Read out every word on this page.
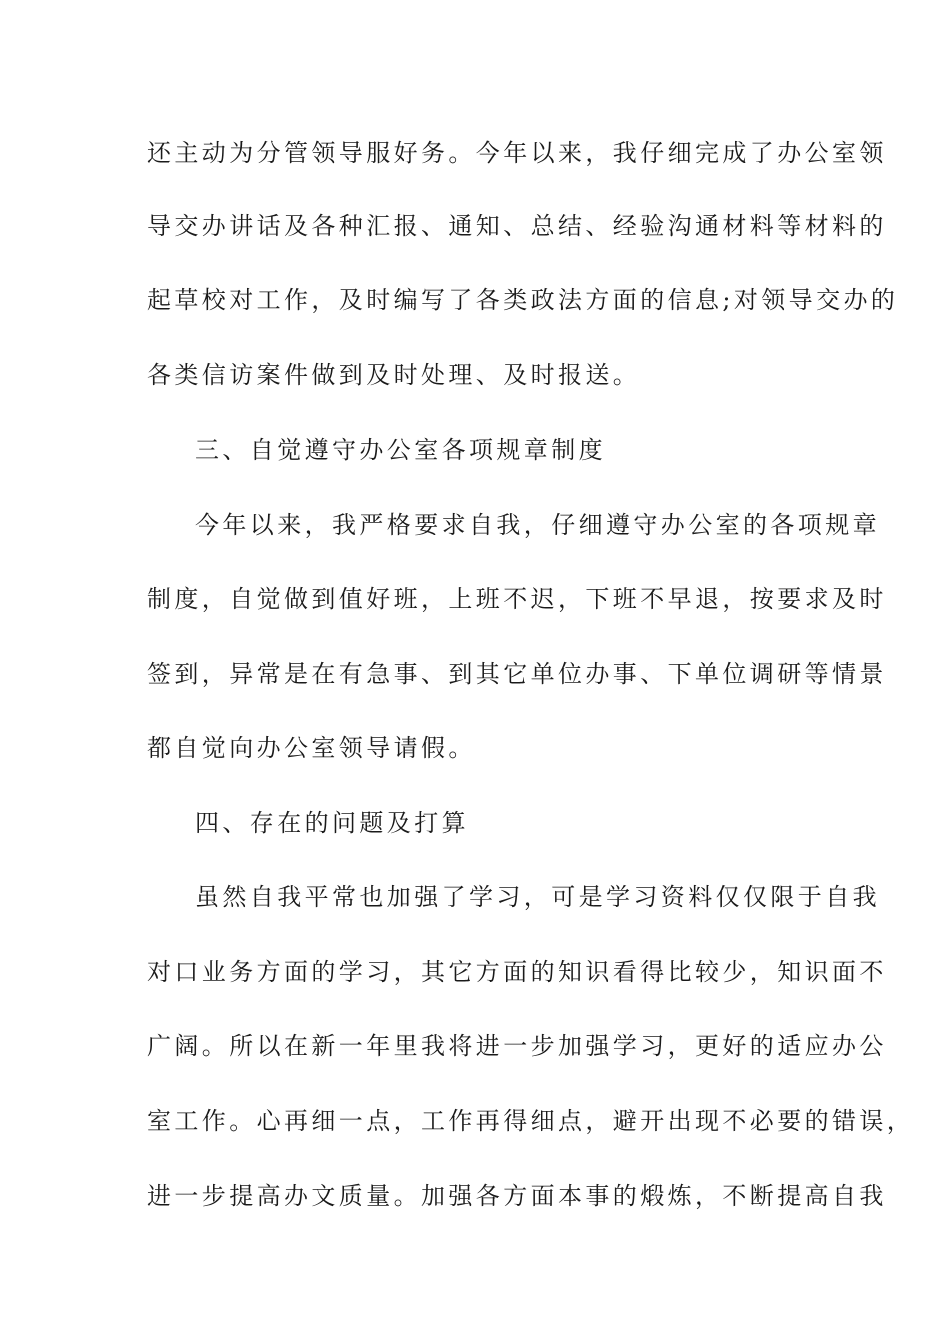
还主动为分管领导服好务。今年以来，我仔细完成了办公室领
导交办讲话及各种汇报、通知、总结、经验沟通材料等材料的
起草校对工作，及时编写了各类政法方面的信息;对领导交办的
各类信访案件做到及时处理、及时报送。
三、自觉遵守办公室各项规章制度
今年以来，我严格要求自我，仔细遵守办公室的各项规章
制度，自觉做到值好班，上班不迟，下班不早退，按要求及时
签到，异常是在有急事、到其它单位办事、下单位调研等情景
都自觉向办公室领导请假。
四、存在的问题及打算
虽然自我平常也加强了学习，可是学习资料仅仅限于自我
对口业务方面的学习，其它方面的知识看得比较少，知识面不
广阔。所以在新一年里我将进一步加强学习，更好的适应办公
室工作。心再细一点，工作再得细点，避开出现不必要的错误，
进一步提高办文质量。加强各方面本事的煅炼，不断提高自我
